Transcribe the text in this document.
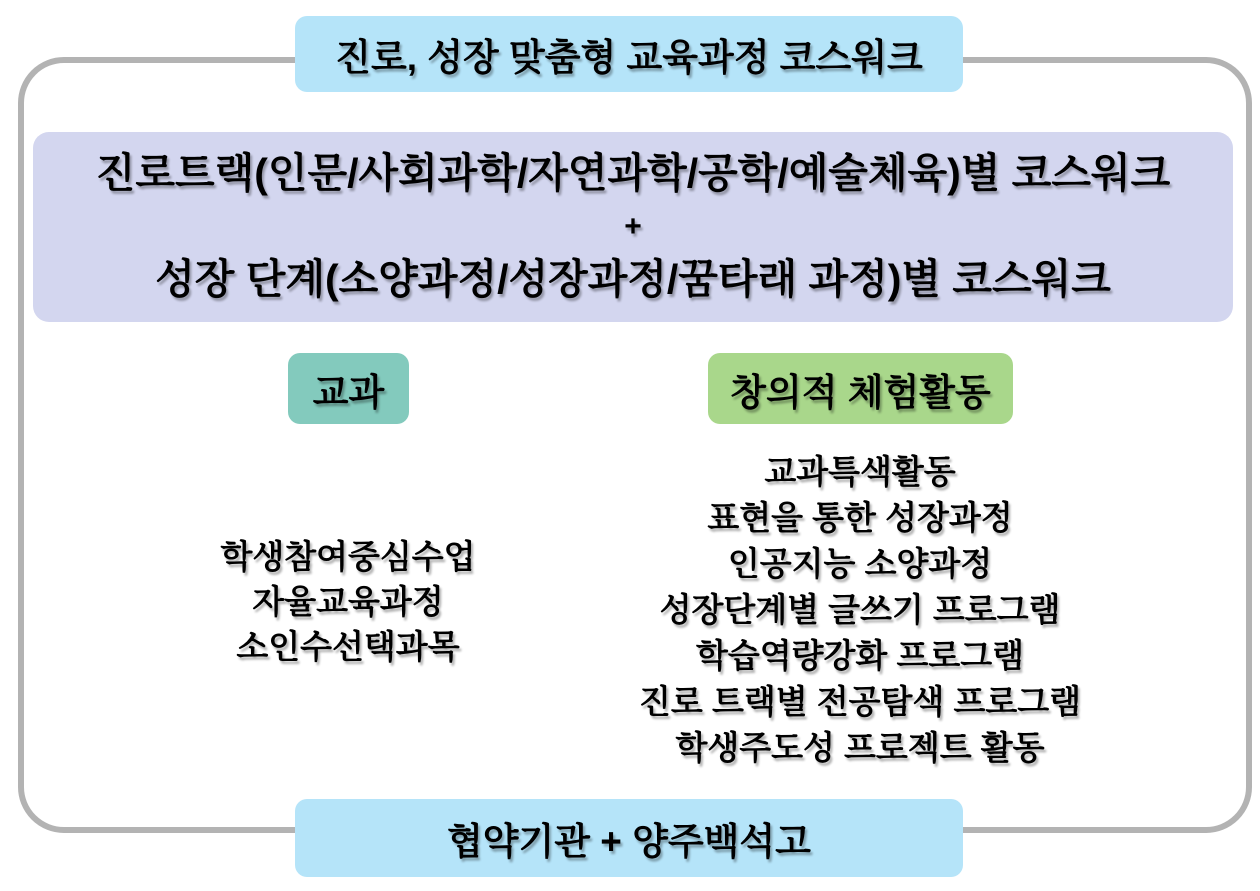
진로, 성장 맞춤형 교육과정 코스워크
진로트랙(인문/사회과학/자연과학/공학/예술체육)별 코스워크
+
성장 단계(소양과정/성장과정/꿈타래 과정)별 코스워크
교과	창의적 체험활동
학생참여중심수업
자율교육과정
소인수선택과목
교과특색활동
표현을 통한 성장과정
인공지능 소양과정
성장단계별 글쓰기 프로그램
학습역량강화 프로그램
진로 트랙별 전공탐색 프로그램
학생주도성 프로젝트 활동
협약기관 + 양주백석고
